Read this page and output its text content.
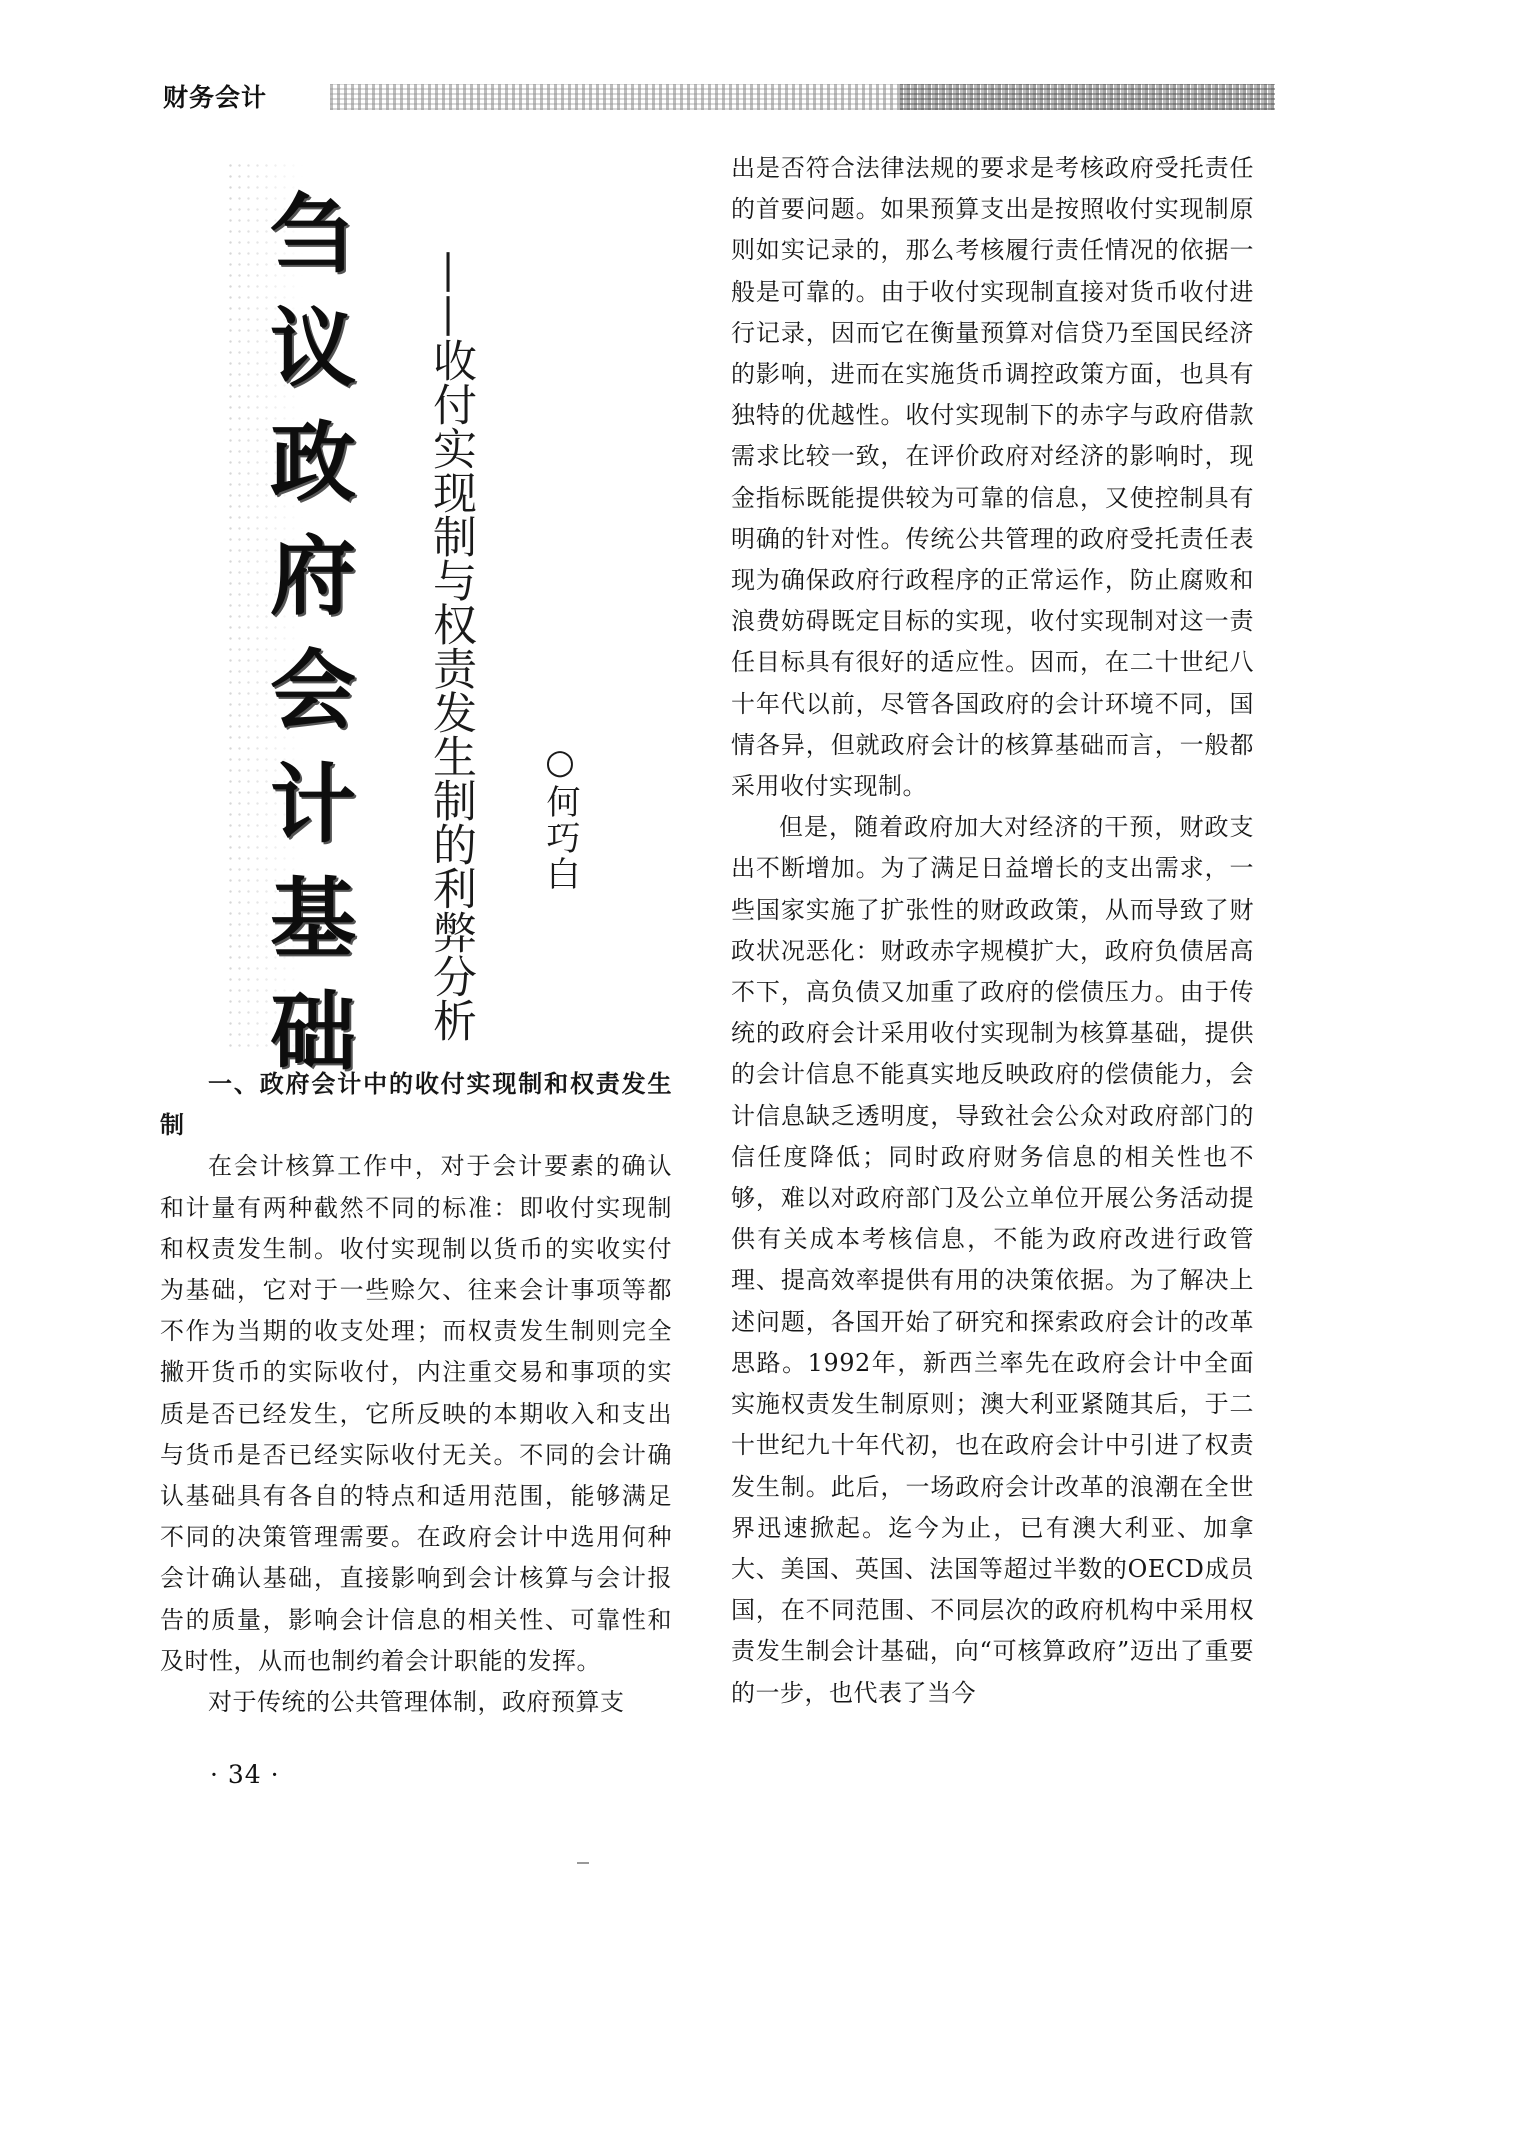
财务会计
刍
议
政
府
会
计
基
础 ——收付实现制与权责发生制的利弊分析 ○何巧白

一、政府会计中的收付实现制和权责发生制

在会计核算工作中，对于会计要素的确认和计量有两种截然不同的标准：即收付实现制和权责发生制。收付实现制以货币的实收实付为基础，它对于一些赊欠、往来会计事项等都不作为当期的收支处理；而权责发生制则完全撇开货币的实际收付，内注重交易和事项的实质是否已经发生，它所反映的本期收入和支出与货币是否已经实际收付无关。不同的会计确认基础具有各自的特点和适用范围，能够满足不同的决策管理需要。在政府会计中选用何种会计确认基础，直接影响到会计核算与会计报告的质量，影响会计信息的相关性、可靠性和及时性，从而也制约着会计职能的发挥。

对于传统的公共管理体制，政府预算支

出是否符合法律法规的要求是考核政府受托责任的首要问题。如果预算支出是按照收付实现制原则如实记录的，那么考核履行责任情况的依据一般是可靠的。由于收付实现制直接对货币收付进行记录，因而它在衡量预算对信贷乃至国民经济的影响，进而在实施货币调控政策方面，也具有独特的优越性。收付实现制下的赤字与政府借款需求比较一致，在评价政府对经济的影响时，现金指标既能提供较为可靠的信息，又使控制具有明确的针对性。传统公共管理的政府受托责任表现为确保政府行政程序的正常运作，防止腐败和浪费妨碍既定目标的实现，收付实现制对这一责任目标具有很好的适应性。因而，在二十世纪八十年代以前，尽管各国政府的会计环境不同，国情各异，但就政府会计的核算基础而言，一般都采用收付实现制。

但是，随着政府加大对经济的干预，财政支出不断增加。为了满足日益增长的支出需求，一些国家实施了扩张性的财政政策，从而导致了财政状况恶化：财政赤字规模扩大，政府负债居高不下，高负债又加重了政府的偿债压力。由于传统的政府会计采用收付实现制为核算基础，提供的会计信息不能真实地反映政府的偿债能力，会计信息缺乏透明度，导致社会公众对政府部门的信任度降低；同时政府财务信息的相关性也不够，难以对政府部门及公立单位开展公务活动提供有关成本考核信息，不能为政府改进行政管理、提高效率提供有用的决策依据。为了解决上述问题，各国开始了研究和探索政府会计的改革思路。1992年，新西兰率先在政府会计中全面实施权责发生制原则；澳大利亚紧随其后，于二十世纪九十年代初，也在政府会计中引进了权责发生制。此后，一场政府会计改革的浪潮在全世界迅速掀起。迄今为止，已有澳大利亚、加拿大、美国、英国、法国等超过半数的OECD成员国，在不同范围、不同层次的政府机构中采用权责发生制会计基础，向“可核算政府”迈出了重要的一步，也代表了当今

· 34 ·
